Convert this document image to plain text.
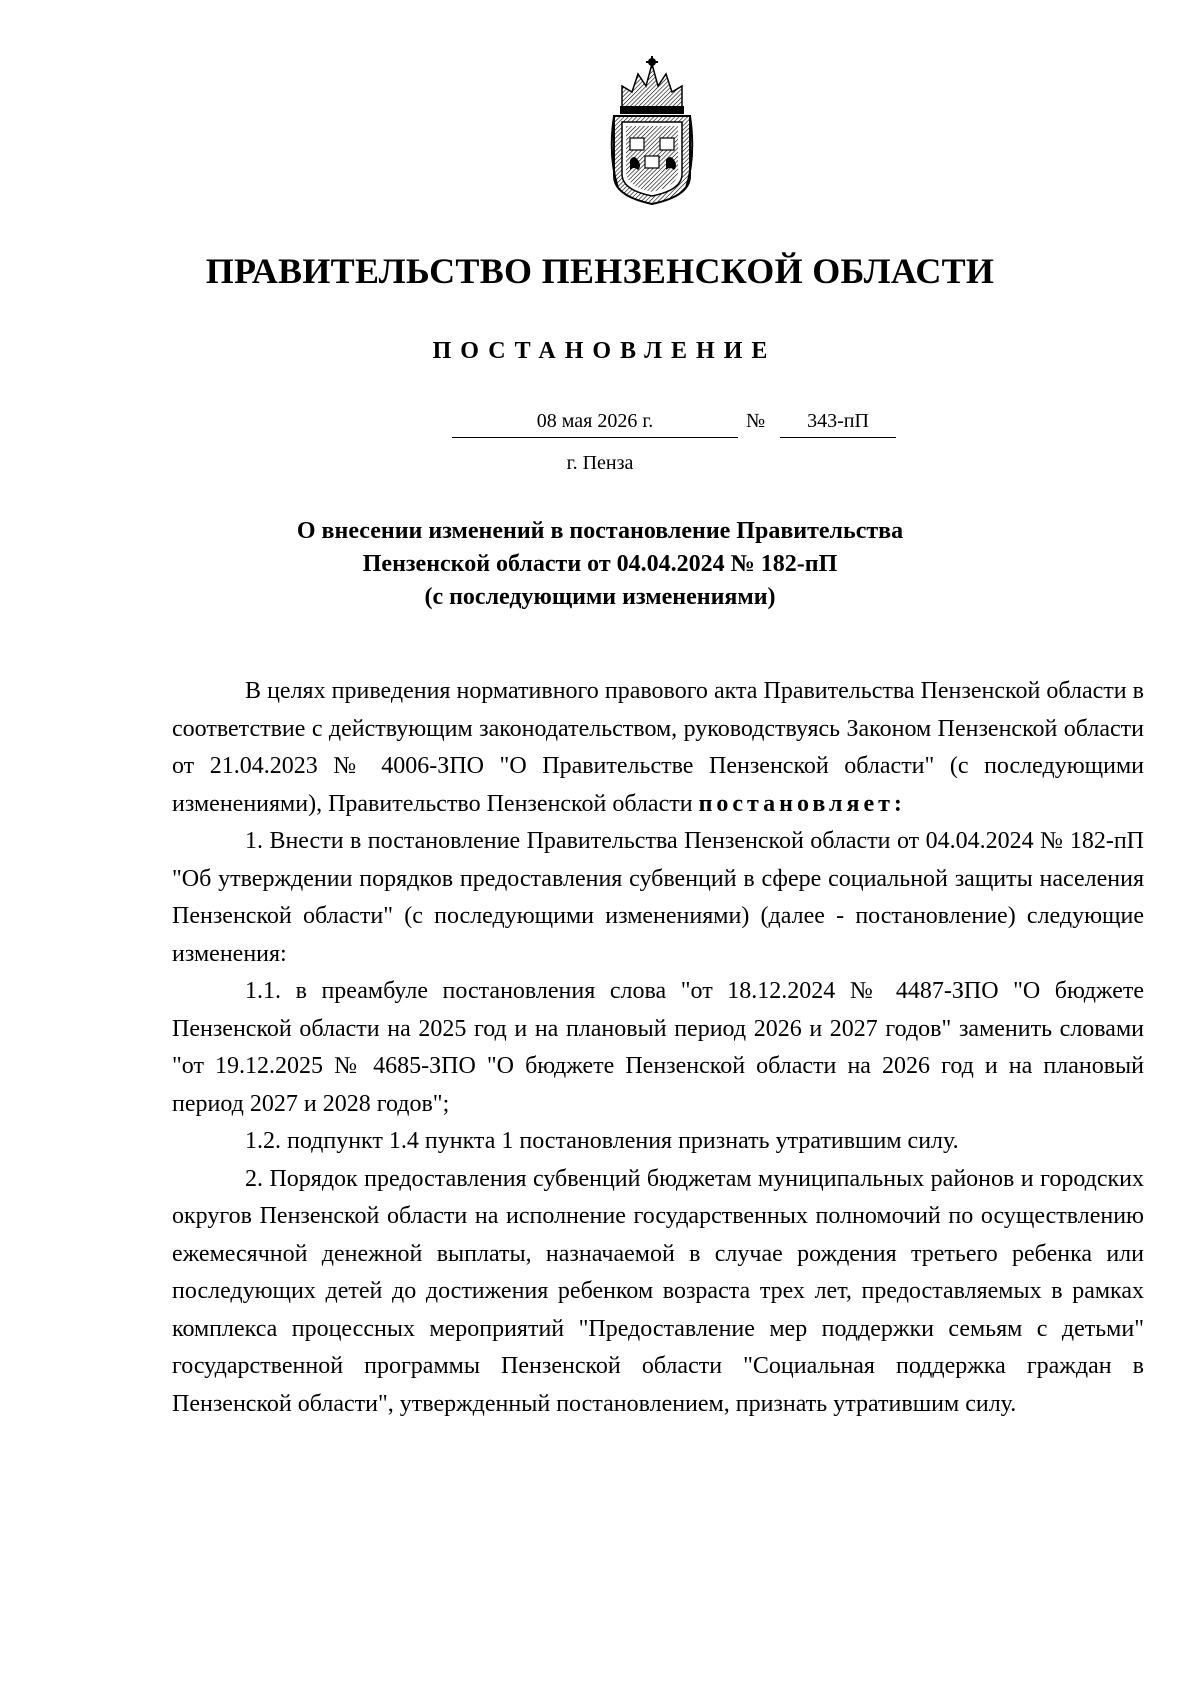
ПРАВИТЕЛЬСТВО ПЕНЗЕНСКОЙ ОБЛАСТИ
ПОСТАНОВЛЕНИЕ
08 мая 2026 г.	№	343-пП
г. Пенза
О внесении изменений в постановление Правительства
Пензенской области от 04.04.2024 № 182-пП
(с последующими изменениями)

В целях приведения нормативного правового акта Правительства Пензенской области в соответствие с действующим законодательством, руководствуясь Законом Пензенской области от 21.04.2023 № 4006-ЗПО "О Правительстве Пензенской области" (с последующими изменениями), Правительство Пензенской области постановляет:

1. Внести в постановление Правительства Пензенской области от 04.04.2024 № 182-пП "Об утверждении порядков предоставления субвенций в сфере социальной защиты населения Пензенской области" (с последующими изменениями) (далее - постановление) следующие изменения:

1.1. в преамбуле постановления слова "от 18.12.2024 № 4487-ЗПО "О бюджете Пензенской области на 2025 год и на плановый период 2026 и 2027 годов" заменить словами "от 19.12.2025 № 4685-ЗПО "О бюджете Пензенской области на 2026 год и на плановый период 2027 и 2028 годов";

1.2. подпункт 1.4 пункта 1 постановления признать утратившим силу.

2. Порядок предоставления субвенций бюджетам муниципальных районов и городских округов Пензенской области на исполнение государственных полномочий по осуществлению ежемесячной денежной выплаты, назначаемой в случае рождения третьего ребенка или последующих детей до достижения ребенком возраста трех лет, предоставляемых в рамках комплекса процессных мероприятий "Предоставление мер поддержки семьям с детьми" государственной программы Пензенской области "Социальная поддержка граждан в Пензенской области", утвержденный постановлением, признать утратившим силу.
